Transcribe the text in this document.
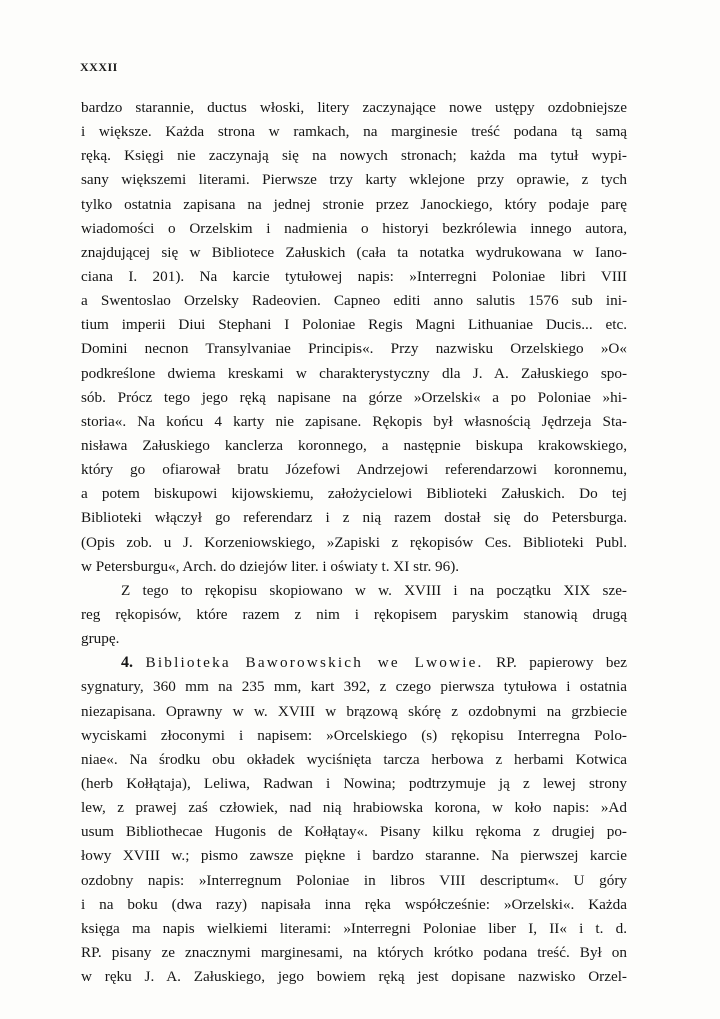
XXXII
bardzo starannie, ductus włoski, litery zaczynające nowe ustępy ozdobniejsze
i większe. Każda strona w ramkach, na marginesie treść podana tą samą
ręką. Księgi nie zaczynają się na nowych stronach; każda ma tytuł wypi-
sany większemi literami. Pierwsze trzy karty wklejone przy oprawie, z tych
tylko ostatnia zapisana na jednej stronie przez Janockiego, który podaje parę
wiadomości o Orzelskim i nadmienia o historyi bezkrólewia innego autora,
znajdującej się w Bibliotece Załuskich (cała ta notatka wydrukowana w Iano-
ciana I. 201). Na karcie tytułowej napis: »Interregni Poloniae libri VIII
a Swentoslao Orzelsky Radeovien. Capneo editi anno salutis 1576 sub ini-
tium imperii Diui Stephani I Poloniae Regis Magni Lithuaniae Ducis... etc.
Domini necnon Transylvaniae Principis«. Przy nazwisku Orzelskiego »O«
podkreślone dwiema kreskami w charakterystyczny dla J. A. Załuskiego spo-
sób. Prócz tego jego ręką napisane na górze »Orzelski« a po Poloniae »hi-
storia«. Na końcu 4 karty nie zapisane. Rękopis był własnością Jędrzeja Sta-
nisława Załuskiego kanclerza koronnego, a następnie biskupa krakowskiego,
który go ofiarował bratu Józefowi Andrzejowi referendarzowi koronnemu,
a potem biskupowi kijowskiemu, założycielowi Biblioteki Załuskich. Do tej
Biblioteki włączył go referendarz i z nią razem dostał się do Petersburga.
(Opis zob. u J. Korzeniowskiego, »Zapiski z rękopisów Ces. Biblioteki Publ.
w Petersburgu«, Arch. do dziejów liter. i oświaty t. XI str. 96).
Z tego to rękopisu skopiowano w w. XVIII i na początku XIX sze-
reg rękopisów, które razem z nim i rękopisem paryskim stanowią drugą
grupę.
4. Biblioteka Baworowskich we Lwowie. RP. papierowy bez
sygnatury, 360 mm na 235 mm, kart 392, z czego pierwsza tytułowa i ostatnia
niezapisana. Oprawny w w. XVIII w brązową skórę z ozdobnymi na grzbiecie
wyciskami złoconymi i napisem: »Orcelskiego (s) rękopisu Interregna Polo-
niae«. Na środku obu okładek wyciśnięta tarcza herbowa z herbami Kotwica
(herb Kołłątaja), Leliwa, Radwan i Nowina; podtrzymuje ją z lewej strony
lew, z prawej zaś człowiek, nad nią hrabiowska korona, w koło napis: »Ad
usum Bibliothecae Hugonis de Kołłątay«. Pisany kilku rękoma z drugiej po-
łowy XVIII w.; pismo zawsze piękne i bardzo staranne. Na pierwszej karcie
ozdobny napis: »Interregnum Poloniae in libros VIII descriptum«. U góry
i na boku (dwa razy) napisała inna ręka współcześnie: »Orzelski«. Każda
księga ma napis wielkiemi literami: »Interregni Poloniae liber I, II« i t. d.
RP. pisany ze znacznymi marginesami, na których krótko podana treść. Był on
w ręku J. A. Załuskiego, jego bowiem ręką jest dopisane nazwisko Orzel-
